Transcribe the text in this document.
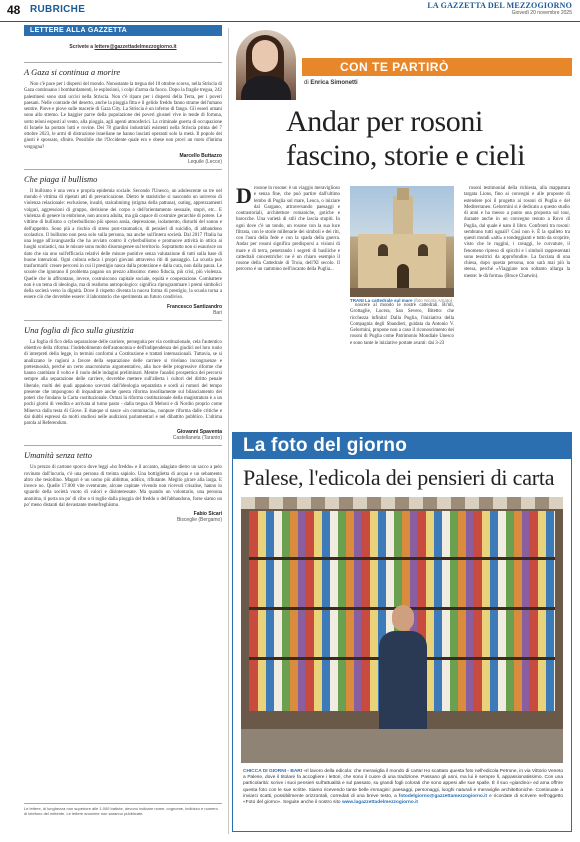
48 RUBRICHE	LA GAZZETTA DEL MEZZOGIORNO
Giovedì 20 novembre 2025
LETTERE ALLA GAZZETTA
Scrivete a lettere@gazzettadelmezzogiorno.it
A Gaza si continua a morire

Non c'è pace per i dispersi del mondo. Nonostante la tregua del 10 ottobre scorso, nella Striscia di Gaza continuano i bombardamenti, le esplosioni, i colpi d'arma da fuoco. Dopo la fragile tregua, 242 palestinesi sono stati uccisi nella Striscia. Non c'è riparo per i dispersi della Terra, per i poveri paesani. Nelle contrade del deserto, anche la pioggia fitta e il gelido freddo fanno strame dell'umano sentire. Piove e piove sulle macerie di Gaza City. La Striscia è un inferno di fango. Gli esseri umani sono allo stremo. Le baggier parve della popolazione dei poveri giusnel vive in tende di fortuna, sotto teloni esposti al vento, alla pioggia, agli agenti atmosferici. La criminale guerra di occupazione di Israele ha portato lutti e rovine. Dei 78 giardini industriali esistenti nella Striscia prima del 7 ottobre 2023, le armi di distruzione israeliane ne hanno lasciati operanti solo la metà. Il popolo dei giusti è spossato, sfinito. Possibile che l'Occidente quale ero e obese non provi un moto d'intima vergogna?

Marcello Buttazzo
Lequile (Lecce)
Che piaga il bullismo

Il bullismo è una vera e propria epidemia sociale. Secondo l'Unesco, un adolescente su tre nel mondo è vittima di ripetuti atti di prevaricazione. Dietro le statistiche si nascondo un universo di violenza relazionale: esclusione, insulti, stalcahmimg (stigma della pattuna), outing, apprezzamenti volgari, aggressioni di gruppo, derisione dei corpo o dell'orientamento sessuale, stupri, etc.. E violenza di genere in embrione, non ancora adulta, ma già capace di costruire gerarchie di potere. Le vittime di bullismo o cyberbullismo più spesso ansia, depressione, isolamento, disturbi del sonno e dell'appetito. Sono più a rischio di stress post-traumatico, di pensieri di suicidio, di abbandono scolastico. Il bullismo non pesa solo sulla persona, ma anche sull'intera società. Dal 2017 l'Italia ha una legge all'avanguardia che ha avviato contro il cyberbullismo e promuove attività in ottica ai luoghi scolastici, ma le misure sono molto disomogenee sul territorio. Soprattutto non si esaurisce un dato che sia uno sull'efficacia relativi delle misure punitive senza valutazione di tutti sulla base di buone intenzioni. Ogni cultura educa i propri giovani attraverso riti di passaggio. La scuola può trasformarli: creare percorsi in cui il prestigio nasca dalla protezione e dalla cura, non dalla paura. Le scuole che ignorano il problema pagano un prezzo altissimo: meno fiducia, più crisi, più violenza. Quelle che lo affrontano, invece, costruiscono capitale sociale, equità e cooperazione. Combattere non è un tema di ideologia, ma di realismo antropologico: significa riprogrammare i premi simbolici della società verso la dignità. Dove il rispetto diventa la nuova forma di prestigio, la scuola torna a essere ciò che dovrebbe essere: il laboratorio che sperimenta un futuro condiviso.

Francesco Santizandro
Bari
Una foglia di fico sulla giustizia

La foglia di fico della separazione delle carriere, perseguita per via costituzionale, cela l'autentico obiettivo della riforma: l'indebolimento dell'autonomia e dell'indipendenza dei giudici nel loro ruolo di interpreti della legge, in termini conformi a Costituzione e trattati internazionali. Tuttavia, se si analizzano le ragioni a favore della separazione delle carriere si rivelano incongruenze e pretestuosità, perché un certo anacronismo argomentativo, alla luce delle progressive riforme che hanno cambiato il volto e il ruolo delle indagini preliminari. Mentre l'analisi prospettica dei percorsi sempre alla separazione delle carriere, dovrebbe mettere sull'allerta i cultori del diritto penale liberale, molti dei quali appaiono scevrati dall'ideologia separatista e sordi ai rumori del tempo presente che impongono di inquadrare anche questa riforma insolitamente sul bilanciamento dei poteri che fondano la Carta costituzionale. Ormai la riforma costituzionale della magistratura è a un pochi giorni di vendita e arrivata al turno pasto - dalla tregua di Meloni e di Nordio proprio come Minerva dalla testa di Giove. E dunque si nasce «in contumacia», nonpure riforma dalle critiche e dai dubbi espressi da molti studiosi nelle audizioni parlamentari e nel dibattito pubblico. L'ultima parola al Referendum.

Giovanni Spaventa
Castellaneta (Taranto)
Umanità senza tetto

Un prezzo di cartone sporco dove leggi «ho freddo» e il accanto, adagiato dietro un sacco a pelo rovinato dall'incuria, c'è una persona di treinta sapiolo. Una bottiglietta di acqua e un sebamento altro che tesiollino. Magari è un uomo più abbittuo, addico, rifiutante. Meglio girare alla larga. E invece no. Quelle 17.000 vite sventurate, alcune capitate vivendo non ricevuti crisalise, hanno lo sguardo della società vuoto di valori e disinteressate. Ma quando un volontario, una persona anonima, ti porta un po' di cibo o ti toglie dalla pioggia del freddo o dell'abbandono, forse siamo un po' meno distanti dal devastante menefreghismo.

Fabio Sicari
Bisceglie (Bergamo)

Le lettere, di lunghezza non superiore alle 1.000 battute, devono indicare nome, cognome, indirizzo e numero di telefono del mittente. Le lettere anonime non saranno pubblicate.

CON TE PARTIRÒ
di Enrica Simonetti
Andar per rosoni fascino, storie e cieli
D rosone in rosone: è un viaggio meraviglioso e senza fine, che può partire dall'ultimo lembo di Puglia sul mare, Leuca, o iniziare dal Gargano, attraversando paesaggi e contrastoriali, architetture romaniche, gotiche e barocche. Una varietà di stili che lascia stupiti. In ogni dove c'è un tondo, un rosone con la sua luce filtrata, con le storie millenarie dei simboli e dei riti, con l'aura della fede e con la spada della guerra. Andar per rosoni significa predisporsi a visioni di mare e di terra, penetrando i segreti di basiliche e cattedrali concentriche: ne è un chiaro esempio il rosone della Cattedrale di Troia, dell'XI secolo. Il percorso è un cammino nell'incanto della Puglia...

noscere al mondo le nostre cattedrali. Bi'nti, Grottaglie, Lucera, San Severo, Bitetto: che ricchezza infinita! Dalla Puglia, l'iniziativa della Compagnia degli Sbandieri, guidata da Antonio V. Gelormini, propone non a caso il riconoscimento dei rosoni di Puglia come Patrimonio Mondiale Unesco e sono tante le iniziative portate avanti: dai 3-23

rosoni testimonial della richiesta, alla mappatura targata Lions, fino ai convegni e alle proposte di estendere poi il progetto ai rosoni di Puglia e del Mediterraneo. Gelormini si è dedicato a questo studio di anni e ha messo a punto una proposta sul tour, durante anche in un convegno tenuto a Ruvo di Puglia, dal quale è nato il libro. Confronti tra rosoni: sembrano tutti uguali? Così non è. È la spalleto tra questi mondi «alti» e tondeggianti e tutto da scoprire, visto che le ruggini, i ravaggi, le curvature, il fenomeno ripreso di spicchi e i simboli rappresentati sono tessitrici da approfondire. La facciata di una chiesa, dopo questa persona, non sarà mai più la stessa, perché «Viaggiare non soltanto allarga la mente: le dà forma» (Bruce Chatwin).

TRANI La cattedrale sul mare (foto Nicola Amato)
La foto del giorno
Palese, l'edicola dei pensieri di carta

CHICCA DI GIORNI - BARI «Il lavoro della edicola: che meraviglia il mondo di carta! Ho scattato questa foto nell'edicola Petrone, in via Vittorio Veneto a Palese, dove il titolare fa accogliere i lettori, che sono il cuore di una tradizione. Passano gli anni, ma lui è sempre lì, appassionatissimo. Con una particolarità: scrive i suoi pensieri sull'attualità e sul passato, su grandi fogli colorati che sono appesi alle sue spalle. È il suo «giardino» ed ama offrire questa foto con le sue scritte. Siamo ricevendo tante belle immagini: paesaggi, personaggi, luoghi naturali e meraviglie architettoniche. Continuate a inviarci scatti, possibilmente orizzontali, corredati di una breve testo, a fotodelgiorno@gazzettamezzogiorno.it e ricordate di scrivere nell'oggetto «Foto del giorno». Seguite anche il nostro sito www.lagazzettadelmezzogiorno.it
